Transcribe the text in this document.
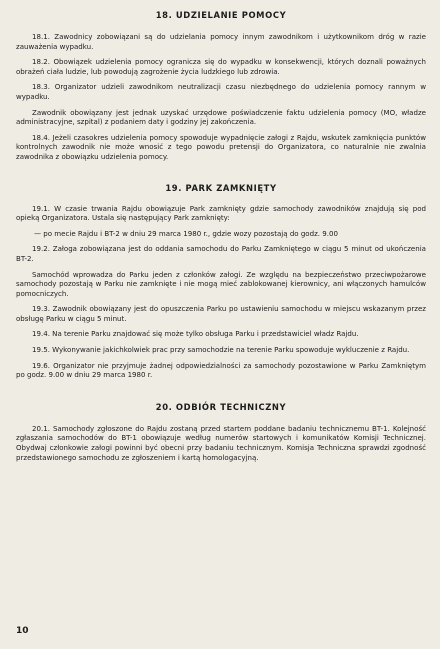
18. UDZIELANIE POMOCY

18.1. Zawodnicy zobowiązani są do udzielania pomocy innym zawodnikom i użytkownikom dróg w razie zauważenia wypadku.

18.2. Obowiązek udzielenia pomocy ogranicza się do wypadku w konsekwencji, których doznali poważnych obrażeń ciała ludzie, lub powodują zagrożenie życia ludzkiego lub zdrowia.

18.3. Organizator udzieli zawodnikom neutralizacji czasu niezbędnego do udzielenia pomocy rannym w wypadku.

Zawodnik obowiązany jest jednak uzyskać urzędowe poświadczenie faktu udzielenia pomocy (MO, władze administracyjne, szpital) z podaniem daty i godziny jej zakończenia.

18.4. Jeżeli czasokres udzielenia pomocy spowoduje wypadnięcie załogi z Rajdu, wskutek zamknięcia punktów kontrolnych zawodnik nie może wnosić z tego powodu pretensji do Organizatora, co naturalnie nie zwalnia zawodnika z obowiązku udzielenia pomocy.

19. PARK ZAMKNIĘTY

19.1. W czasie trwania Rajdu obowiązuje Park zamknięty gdzie samochody zawodników znajdują się pod opieką Organizatora. Ustala się następujący Park zamknięty:

— po mecie Rajdu i BT-2 w dniu 29 marca 1980 r., gdzie wozy pozostają do godz. 9.00

19.2. Załoga zobowiązana jest do oddania samochodu do Parku Zamkniętego w ciągu 5 minut od ukończenia BT-2.

Samochód wprowadza do Parku jeden z członków załogi. Ze względu na bezpieczeństwo przeciwpożarowe samochody pozostają w Parku nie zamknięte i nie mogą mieć zablokowanej kierownicy, ani włączonych hamulców pomocniczych.

19.3. Zawodnik obowiązany jest do opuszczenia Parku po ustawieniu samochodu w miejscu wskazanym przez obsługę Parku w ciągu 5 minut.

19.4. Na terenie Parku znajdować się może tylko obsługa Parku i przedstawiciel władz Rajdu.

19.5. Wykonywanie jakichkolwiek prac przy samochodzie na terenie Parku spowoduje wykluczenie z Rajdu.

19.6. Organizator nie przyjmuje żadnej odpowiedzialności za samochody pozostawione w Parku Zamkniętym po godz. 9.00 w dniu 29 marca 1980 r.

20. ODBIÓR TECHNICZNY

20.1. Samochody zgłoszone do Rajdu zostaną przed startem poddane badaniu technicznemu BT-1. Kolejność zgłaszania samochodów do BT-1 obowiązuje według numerów startowych i komunikatów Komisji Technicznej. Obydwaj członkowie załogi powinni być obecni przy badaniu technicznym. Komisja Techniczna sprawdzi zgodność przedstawionego samochodu ze zgłoszeniem i kartą homologacyjną.

10
